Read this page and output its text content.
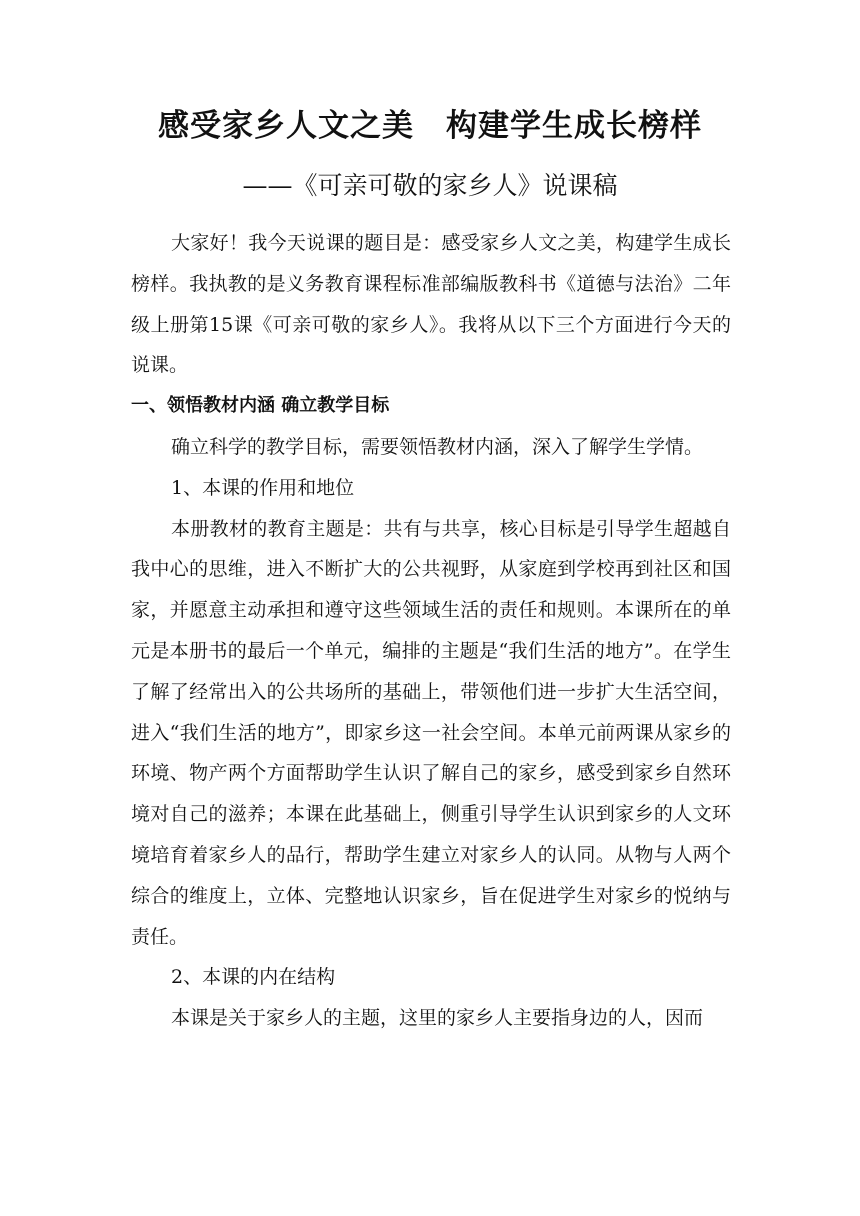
感受家乡人文之美　构建学生成长榜样
——《可亲可敬的家乡人》说课稿

大家好！我今天说课的题目是：感受家乡人文之美，构建学生成长榜样。我执教的是义务教育课程标准部编版教科书《道德与法治》二年级上册第15课《可亲可敬的家乡人》。我将从以下三个方面进行今天的说课。

一、领悟教材内涵 确立教学目标

确立科学的教学目标，需要领悟教材内涵，深入了解学生学情。

1、本课的作用和地位

本册教材的教育主题是：共有与共享，核心目标是引导学生超越自我中心的思维，进入不断扩大的公共视野，从家庭到学校再到社区和国家，并愿意主动承担和遵守这些领域生活的责任和规则。本课所在的单元是本册书的最后一个单元，编排的主题是“我们生活的地方”。在学生了解了经常出入的公共场所的基础上，带领他们进一步扩大生活空间，进入“我们生活的地方”，即家乡这一社会空间。本单元前两课从家乡的环境、物产两个方面帮助学生认识了解自己的家乡，感受到家乡自然环境对自己的滋养；本课在此基础上，侧重引导学生认识到家乡的人文环境培育着家乡人的品行，帮助学生建立对家乡人的认同。从物与人两个综合的维度上，立体、完整地认识家乡，旨在促进学生对家乡的悦纳与责任。

2、本课的内在结构

本课是关于家乡人的主题，这里的家乡人主要指身边的人，因而
